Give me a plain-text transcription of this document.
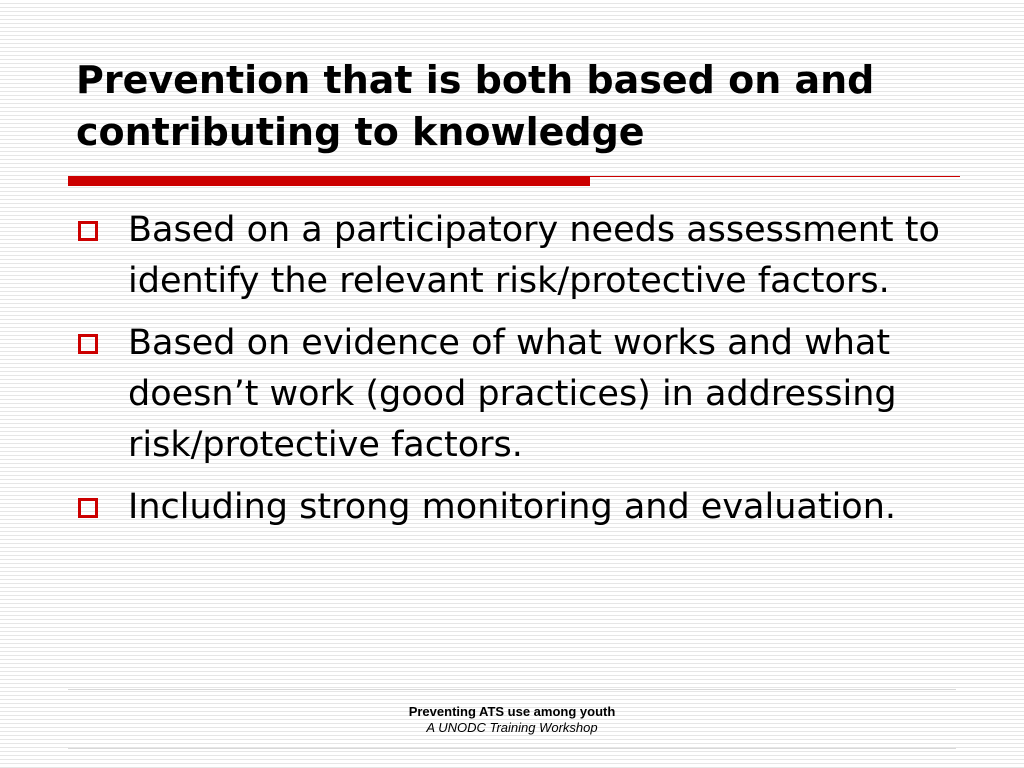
Prevention that is both based on and contributing to knowledge
Based on a participatory needs assessment to identify the relevant risk/protective factors.
Based on evidence of what works and what doesn’t work (good practices) in addressing risk/protective factors.
Including strong monitoring and evaluation.
Preventing ATS use among youth
A UNODC Training Workshop
